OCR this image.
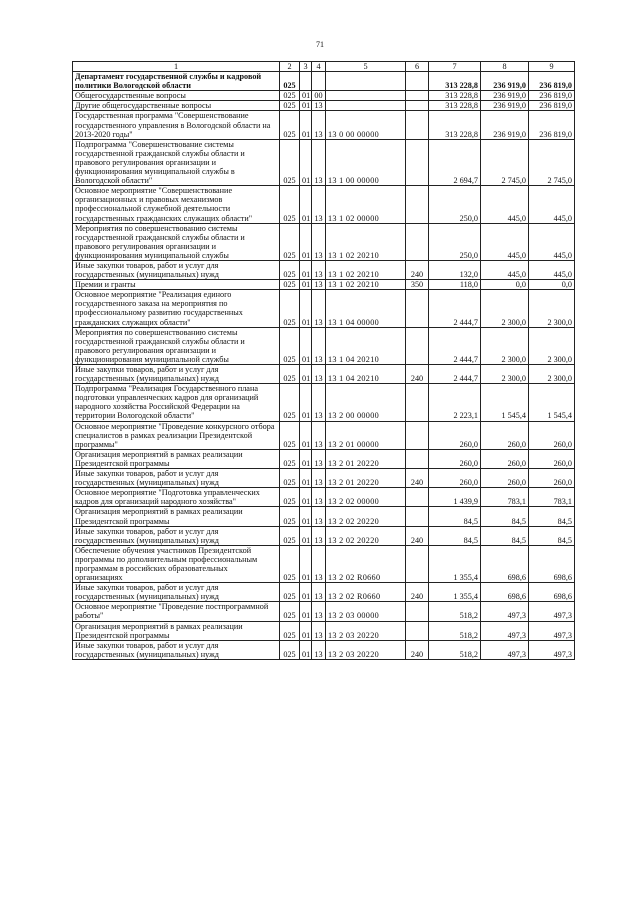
71
1	2	3	4	5	6	7	8	9
Департамент государственной службы и кадровой политики Вологодской области	025					313 228,8	236 919,0	236 819,0
Общегосударственные вопросы	025	01	00			313 228,8	236 919,0	236 819,0
Другие общегосударственные вопросы	025	01	13			313 228,8	236 919,0	236 819,0
Государственная программа "Совершенствование государственного управления в Вологодской области на 2013-2020 годы"	025	01	13	13 0 00 00000		313 228,8	236 919,0	236 819,0
Подпрограмма "Совершенствование системы государственной гражданской службы области и правового регулирования организации и функционирования муниципальной службы в Вологодской области"	025	01	13	13 1 00 00000		2 694,7	2 745,0	2 745,0
Основное мероприятие "Совершенствование организационных и правовых механизмов профессиональной служебной деятельности государственных гражданских служащих области"	025	01	13	13 1 02 00000		250,0	445,0	445,0
Мероприятия по совершенствованию системы государственной гражданской службы области и правового регулирования организации и функционирования муниципальной службы	025	01	13	13 1 02 20210		250,0	445,0	445,0
Иные закупки товаров, работ и услуг для государственных (муниципальных) нужд	025	01	13	13 1 02 20210	240	132,0	445,0	445,0
Премии и гранты	025	01	13	13 1 02 20210	350	118,0	0,0	0,0
Основное мероприятие "Реализация единого государственного заказа на мероприятия по профессиональному развитию государственных гражданских служащих области"	025	01	13	13 1 04 00000		2 444,7	2 300,0	2 300,0
Мероприятия по совершенствованию системы государственной гражданской службы области и правового регулирования организации и функционирования муниципальной службы	025	01	13	13 1 04 20210		2 444,7	2 300,0	2 300,0
Иные закупки товаров, работ и услуг для государственных (муниципальных) нужд	025	01	13	13 1 04 20210	240	2 444,7	2 300,0	2 300,0
Подпрограмма "Реализация Государственного плана подготовки управленческих кадров для организаций народного хозяйства Российской Федерации на территории Вологодской области"	025	01	13	13 2 00 00000		2 223,1	1 545,4	1 545,4
Основное мероприятие "Проведение конкурсного отбора специалистов в рамках реализации Президентской программы"	025	01	13	13 2 01 00000		260,0	260,0	260,0
Организация мероприятий в рамках реализации Президентской программы	025	01	13	13 2 01 20220		260,0	260,0	260,0
Иные закупки товаров, работ и услуг для государственных (муниципальных) нужд	025	01	13	13 2 01 20220	240	260,0	260,0	260,0
Основное мероприятие "Подготовка управленческих кадров для организаций народного хозяйства"	025	01	13	13 2 02 00000		1 439,9	783,1	783,1
Организация мероприятий в рамках реализации Президентской программы	025	01	13	13 2 02 20220		84,5	84,5	84,5
Иные закупки товаров, работ и услуг для государственных (муниципальных) нужд	025	01	13	13 2 02 20220	240	84,5	84,5	84,5
Обеспечение обучения участников Президентской программы по дополнительным профессиональным программам в российских образовательных организациях	025	01	13	13 2 02 R0660		1 355,4	698,6	698,6
Иные закупки товаров, работ и услуг для государственных (муниципальных) нужд	025	01	13	13 2 02 R0660	240	1 355,4	698,6	698,6
Основное мероприятие "Проведение постпрограммной работы"	025	01	13	13 2 03 00000		518,2	497,3	497,3
Организация мероприятий в рамках реализации Президентской программы	025	01	13	13 2 03 20220		518,2	497,3	497,3
Иные закупки товаров, работ и услуг для государственных (муниципальных) нужд	025	01	13	13 2 03 20220	240	518,2	497,3	497,3
